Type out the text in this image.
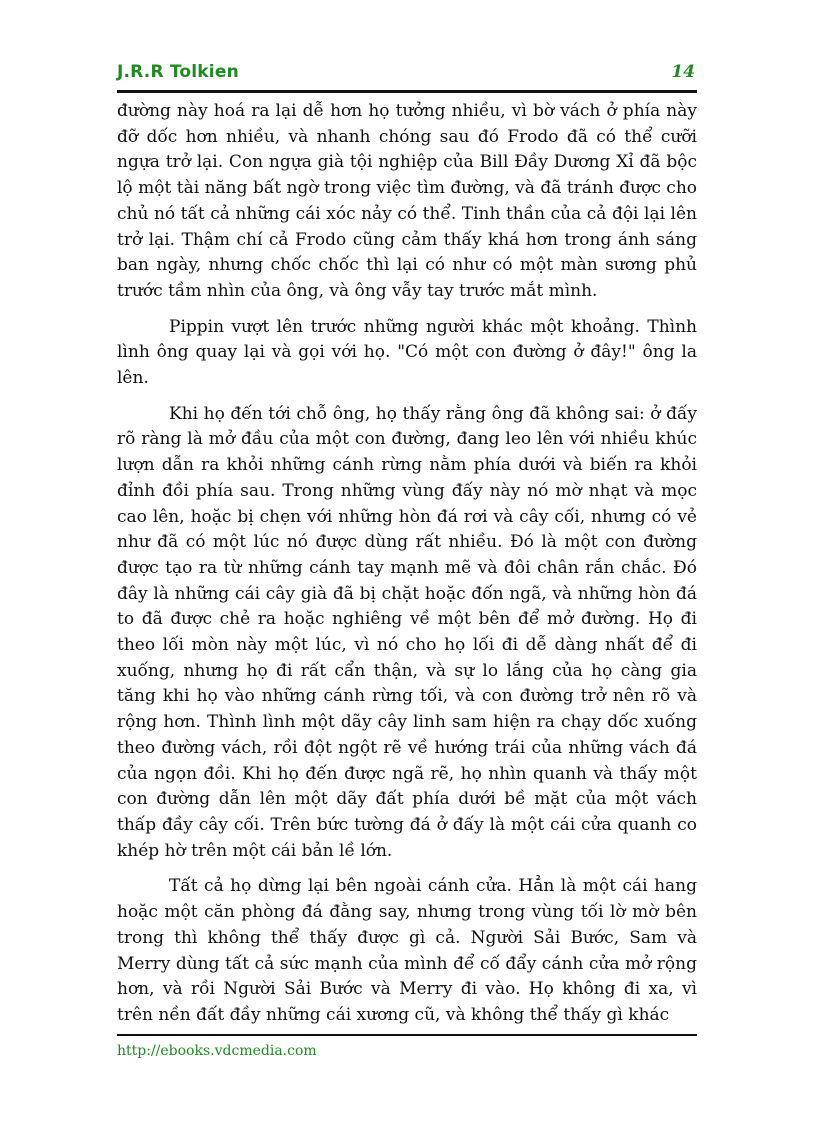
J.R.R Tolkien	14

đường này hoá ra lại dễ hơn họ tưởng nhiều, vì bờ vách ở phía này đỡ dốc hơn nhiều, và nhanh chóng sau đó Frodo đã có thể cưỡi ngựa trở lại. Con ngựa già tội nghiệp của Bill Đầy Dương Xỉ đã bộc lộ một tài năng bất ngờ trong việc tìm đường, và đã tránh được cho chủ nó tất cả những cái xóc nảy có thể. Tinh thần của cả đội lại lên trở lại. Thậm chí cả Frodo cũng cảm thấy khá hơn trong ánh sáng ban ngày, nhưng chốc chốc thì lại có như có một màn sương phủ trước tầm nhìn của ông, và ông vẫy tay trước mắt mình.

Pippin vượt lên trước những người khác một khoảng. Thình lình ông quay lại và gọi với họ. "Có một con đường ở đây!" ông la lên.

Khi họ đến tới chỗ ông, họ thấy rằng ông đã không sai: ở đấy rõ ràng là mở đầu của một con đường, đang leo lên với nhiều khúc lượn dẫn ra khỏi những cánh rừng nằm phía dưới và biến ra khỏi đỉnh đồi phía sau. Trong những vùng đấy này nó mờ nhạt và mọc cao lên, hoặc bị chẹn với những hòn đá rơi và cây cối, nhưng có vẻ như đã có một lúc nó được dùng rất nhiều. Đó là một con đường được tạo ra từ những cánh tay mạnh mẽ và đôi chân rắn chắc. Đó đây là những cái cây già đã bị chặt hoặc đốn ngã, và những hòn đá to đã được chẻ ra hoặc nghiêng về một bên để mở đường. Họ đi theo lối mòn này một lúc, vì nó cho họ lối đi dễ dàng nhất để đi xuống, nhưng họ đi rất cẩn thận, và sự lo lắng của họ càng gia tăng khi họ vào những cánh rừng tối, và con đường trở nên rõ và rộng hơn. Thình lình một dãy cây linh sam hiện ra chạy dốc xuống theo đường vách, rồi đột ngột rẽ về hướng trái của những vách đá của ngọn đồi. Khi họ đến được ngã rẽ, họ nhìn quanh và thấy một con đường dẫn lên một dãy đất phía dưới bề mặt của một vách thấp đầy cây cối. Trên bức tường đá ở đấy là một cái cửa quanh co khép hờ trên một cái bản lề lớn.

Tất cả họ dừng lại bên ngoài cánh cửa. Hẳn là một cái hang hoặc một căn phòng đá đằng say, nhưng trong vùng tối lờ mờ bên trong thì không thể thấy được gì cả. Người Sải Bước, Sam và Merry dùng tất cả sức mạnh của mình để cố đẩy cánh cửa mở rộng hơn, và rồi Người Sải Bước và Merry đi vào. Họ không đi xa, vì trên nền đất đầy những cái xương cũ, và không thể thấy gì khác

http://ebooks.vdcmedia.com
